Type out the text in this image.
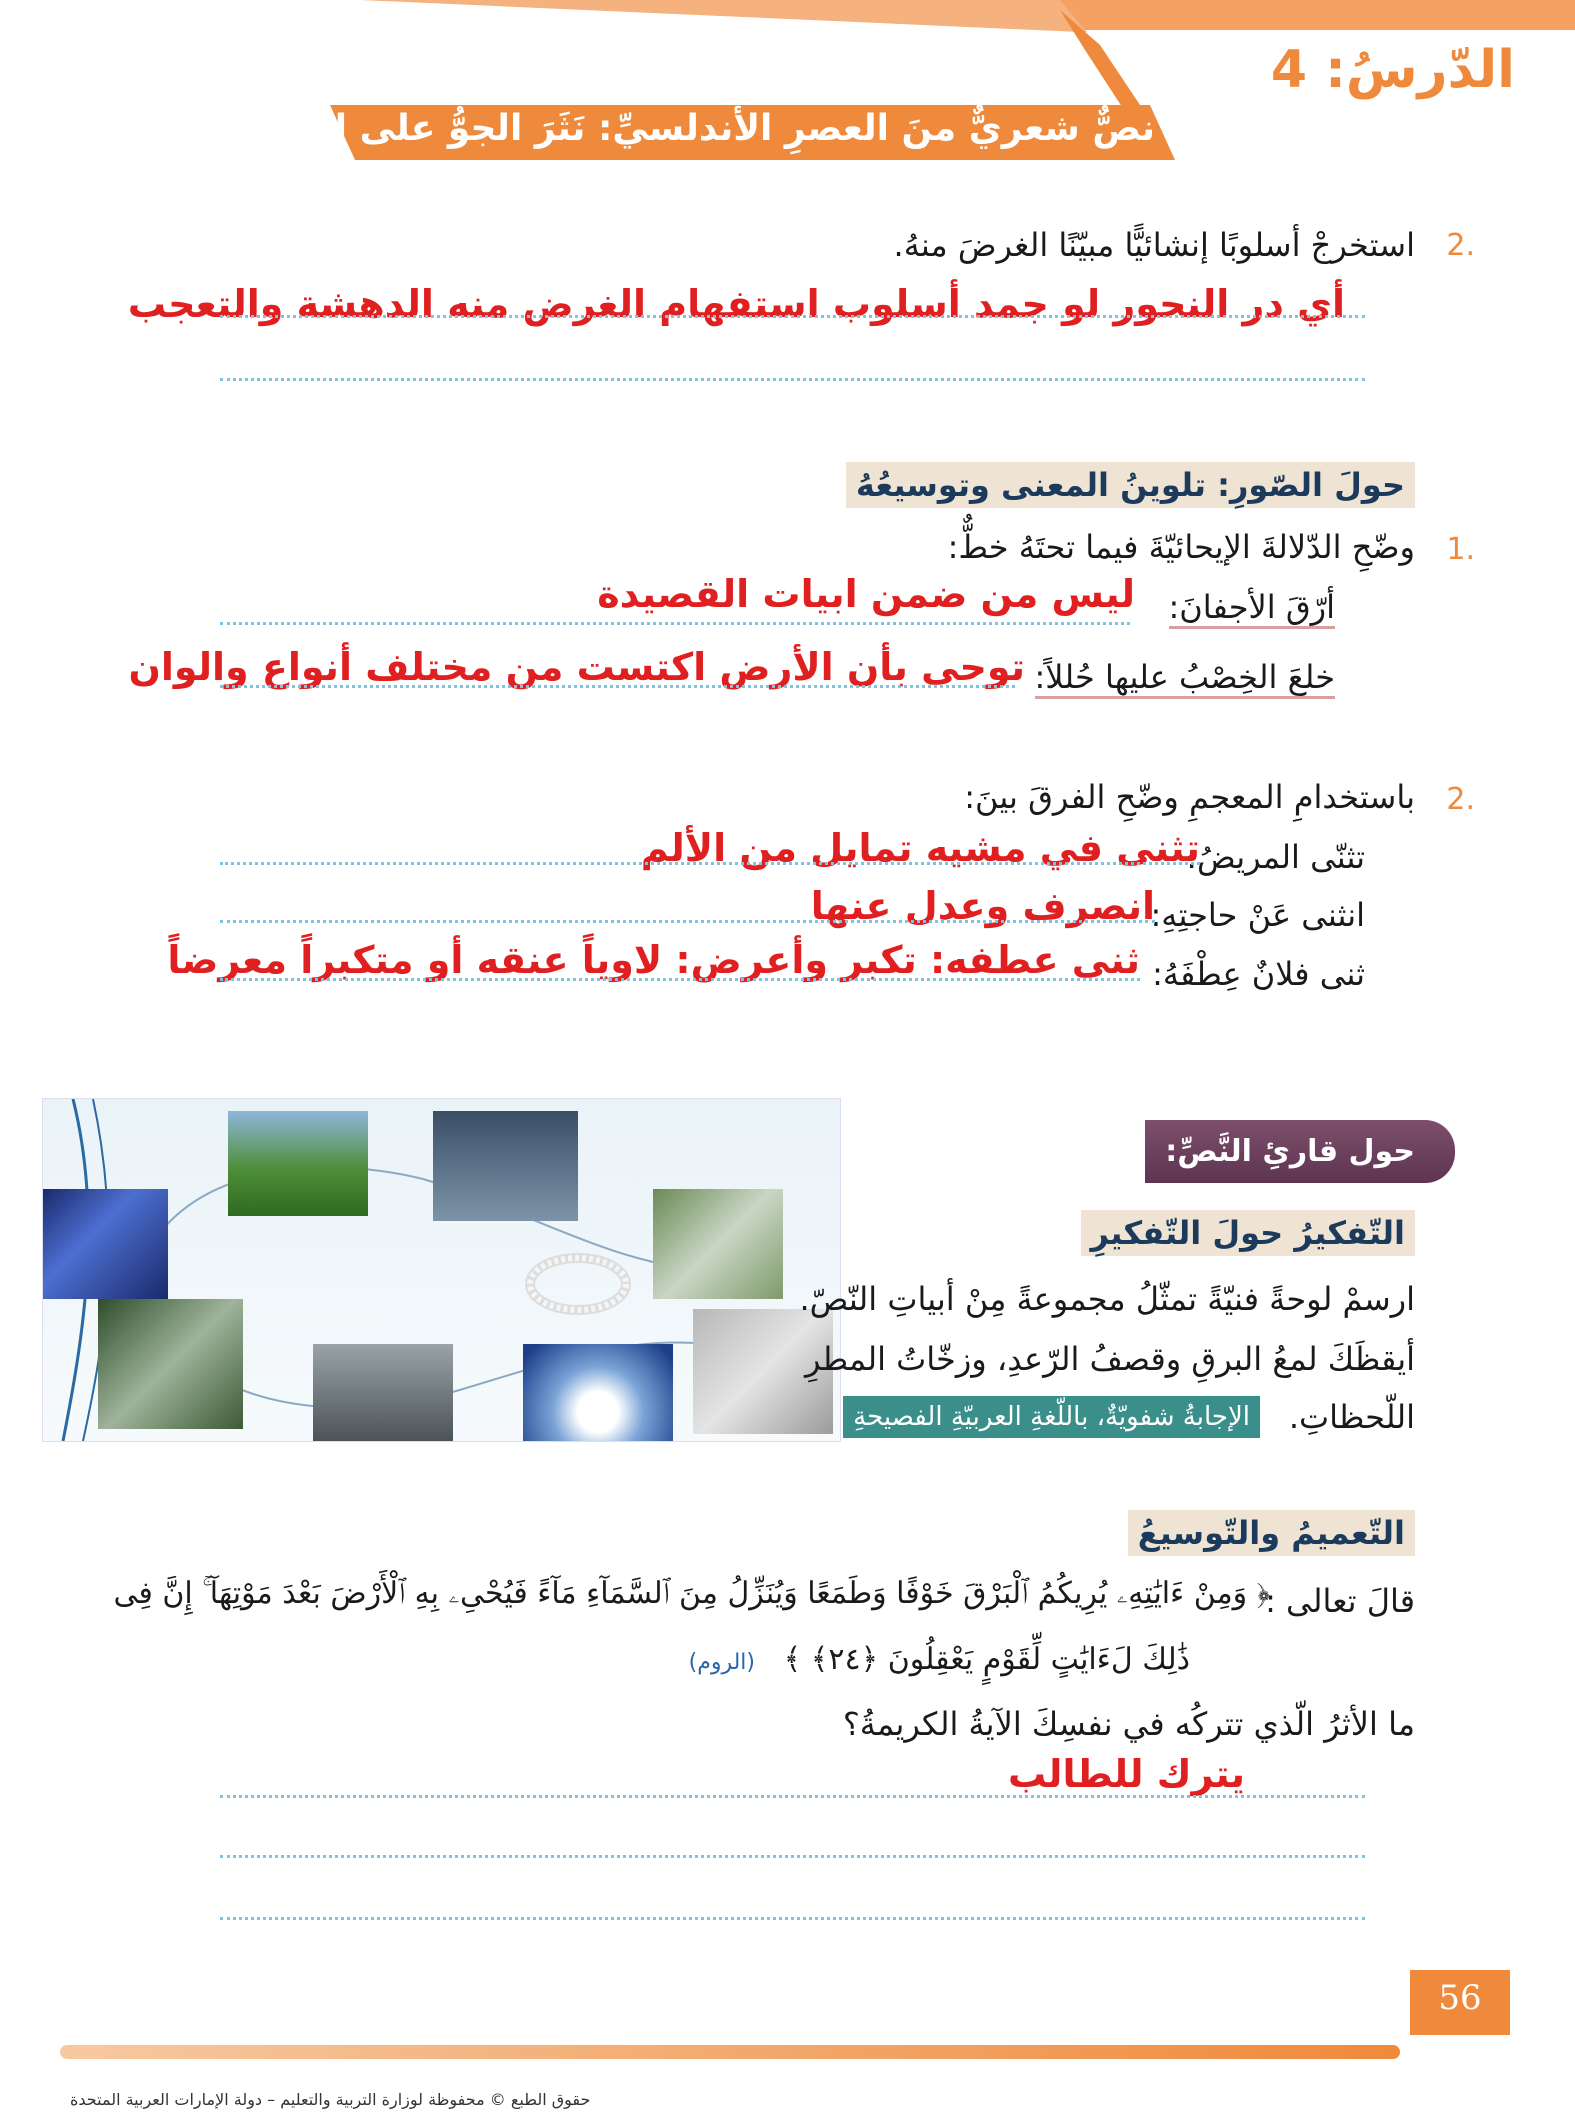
الدّرسُ: 4
نصٌّ شعريٌّ منَ العصرِ الأندلسيِّ: نَثَرَ الجوُّ على الأرضِ بَرَدْ
.2
استخرجْ أسلوبًا إنشائيًّا مبيّنًا الغرضَ منهُ.
أي در النحور لو جمد أسلوب استفهام الغرض منه الدهشة والتعجب
حولَ الصّورِ: تلوينُ المعنى وتوسيعُهُ
.1
وضّحِ الدّلالةَ الإيحائيّةَ فيما تحتَهُ خطٌّ:
أرّقَ الأجفانَ:
ليس من ضمن ابيات القصيدة
خلعَ الخِصْبُ عليها حُللاً:
توحى بأن الأرض اكتست من مختلف أنواع والوان
.2
باستخدامِ المعجمِ وضّحِ الفرقَ بينَ:
تثنّى المريضُ:
تثنى في مشيه تمايل من الألم
انثنى عَنْ حاجتِهِ:
انصرف وعدل عنها
ثنى فلانٌ عِطْفَهُ:
ثنى عطفه: تكبر وأعرض: لاوياً عنقه أو متكبراً معرضاً
حول قارئِ النَّصِّ:
التّفكيرُ حولَ التّفكيرِ
ارسمْ لوحةً فنيّةً تمثّلُ مجموعةً مِنْ أبياتِ النّصّ.
أيقظَكَ لمعُ البرقِ وقصفُ الرّعدِ، وزخّاتُ المطرِ
اللّحظاتِ.
الإجابةُ شفويّةٌ، باللّغةِ العربيّةِ الفصيحةِ
التّعميمُ والتّوسيعُ
قالَ تعالى :
﴿ وَمِنْ ءَايَٰتِهِۦ يُرِيكُمُ ٱلْبَرْقَ خَوْفًا وَطَمَعًا وَيُنَزِّلُ مِنَ ٱلسَّمَآءِ مَآءً فَيُحْىِۦ بِهِ ٱلْأَرْضَ بَعْدَ مَوْتِهَآ ۚ إِنَّ فِى
ذَٰلِكَ لَءَايَٰتٍ لِّقَوْمٍ يَعْقِلُونَ ﴿٢٤﴾ ﴾
(الروم)
ما الأثرُ الّذي تتركُه في نفسِكَ الآيةُ الكريمةُ؟
يترك للطالب
56
حقوق الطبع © محفوظة لوزارة التربية والتعليم – دولة الإمارات العربية المتحدة
